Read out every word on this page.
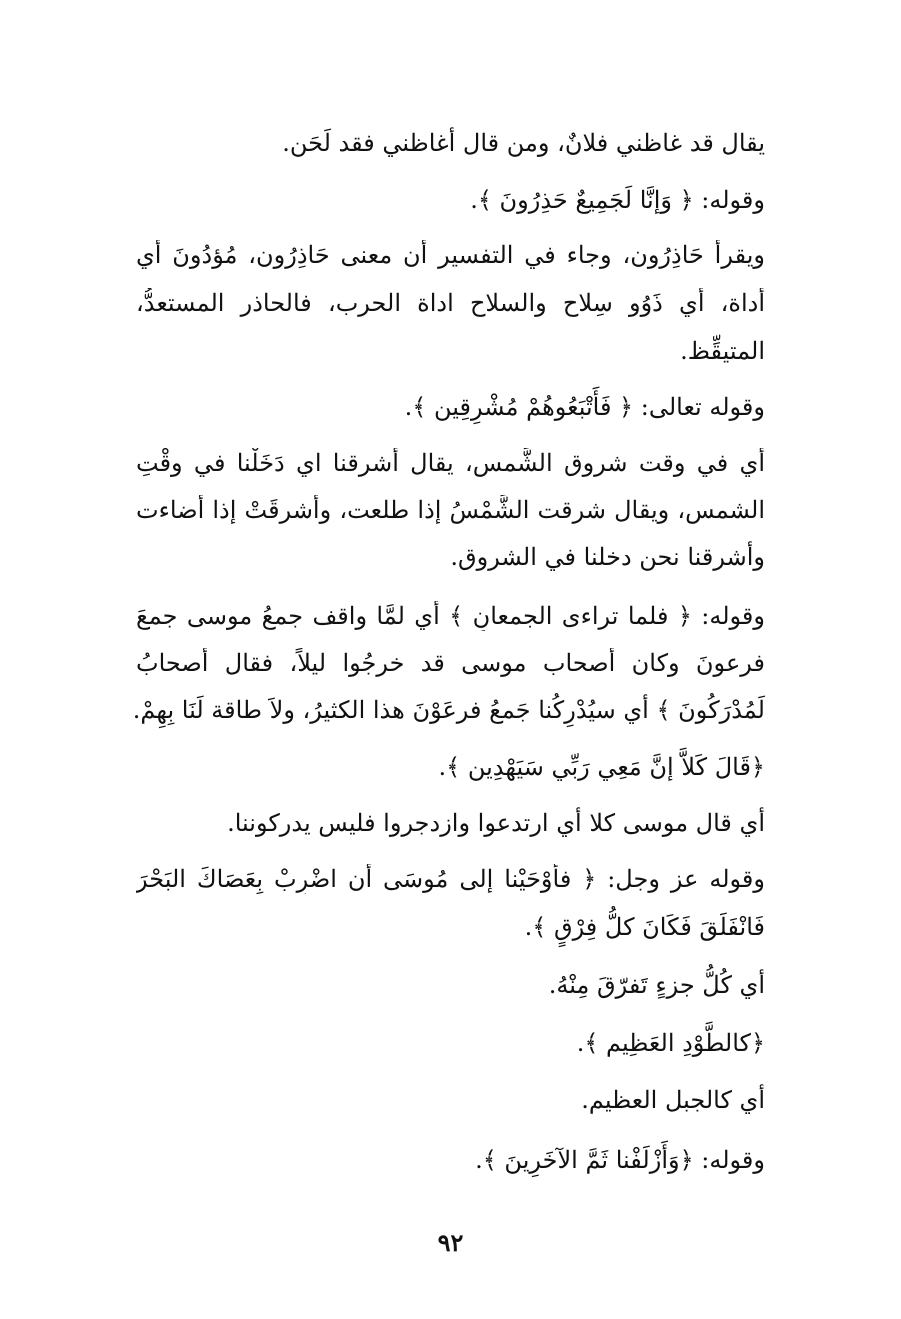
يقال قد غاظني فلانٌ، ومن قال أغاظني فقد لَحَن.
وقوله: ﴿ وَإنَّا لَجَمِيعٌ حَذِرُونَ ﴾.
ويقرأ حَاذِرُون، وجاء في التفسير أن معنى حَاذِرُون، مُؤدُونَ أي
أداة، أي ذَوُو سِلاحٍ والسلاح اداة الحرب، فالحاذر المستعدُّ،
المتيقِّظ.
وقوله تعالى: ﴿ فَأَتْبَعُوهُمْ مُشْرِقِين ﴾.
أي في وقت شروق الشَّمس، يقال أشرقنا اي دَخَلْنا في وقْتِ
الشمس، ويقال شرقت الشَّمْسُ إذا طلعت، وأشرقَتْ إذا أضاءت
وأشرقنا نحن دخلنا في الشروق.
وقوله: ﴿ فلما تراءى الجمعانِ ﴾ أي لمَّا واقف جمعُ موسى جمعَ
فرعونَ وكان أصحاب موسى قد خرجُوا ليلاً، فقال أصحابُ
لَمُدْرَكُونَ ﴾ أي سيُدْرِكُنا جَمعُ فرعَوْنَ هذا الكثيرُ، ولاَ طاقة لَنَا بِهِمْ.
﴿قَالَ كَلاَّ إنَّ مَعِي رَبِّي سَيَهْدِين ﴾.
أي قال موسى كلا أي ارتدعوا وازدجروا فليس يدركوننا.
وقوله عز وجل: ﴿ فأَوْحَيْنا إلى مُوسَى أن اضْرِبْ بِعَصَاكَ البَحْرَ
فَانْفَلَقَ فَكَانَ كلُّ فِرْقٍ ﴾.
أي كُلُّ جزءٍ تَفرّقَ مِنْهُ.
﴿كالطَّوْدِ العَظِيم ﴾.
أي كالجبل العظيم.
وقوله: ﴿وَأَزْلَفْنا ثَمَّ الآخَرِينَ ﴾.
٩٢
